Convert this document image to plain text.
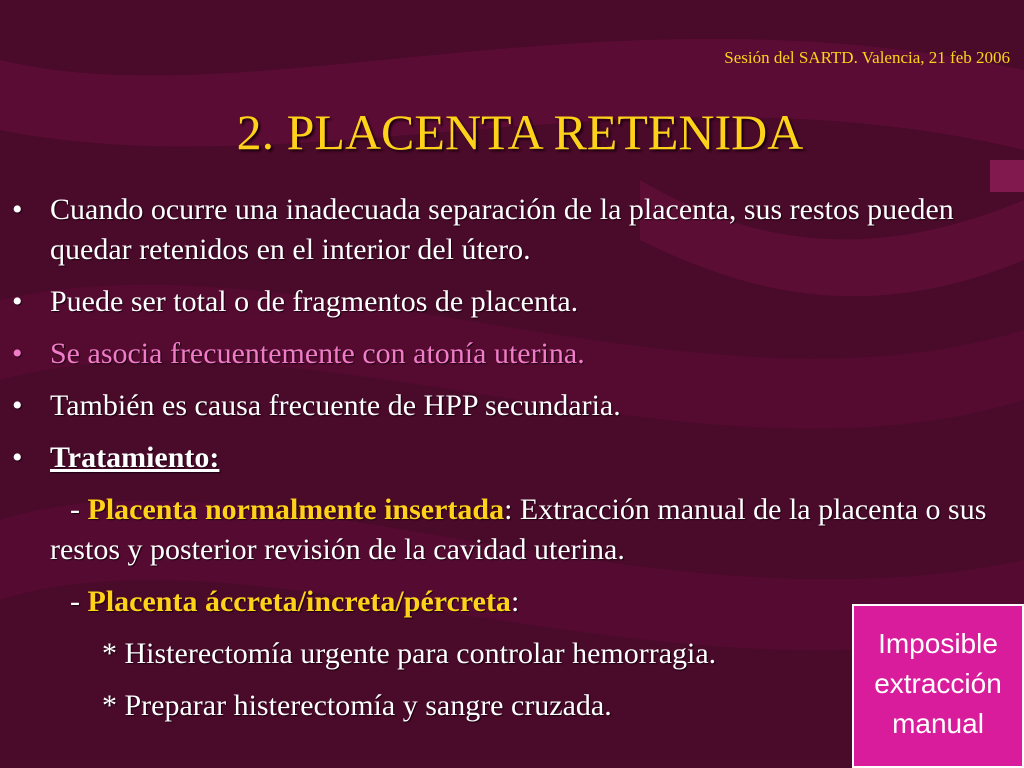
Sesión del SARTD. Valencia, 21 feb 2006
2. PLACENTA RETENIDA
• Cuando ocurre una inadecuada separación de la placenta, sus restos pueden quedar retenidos en el interior del útero.
• Puede ser total o de fragmentos de placenta.
• Se asocia frecuentemente con atonía uterina.
• También es causa frecuente de HPP secundaria.
• Tratamiento:
- Placenta normalmente insertada: Extracción manual de la placenta o sus restos y posterior revisión de la cavidad uterina.
- Placenta áccreta/increta/pércreta:
* Histerectomía urgente para controlar hemorragia.
* Preparar histerectomía y sangre cruzada.
Imposible
extracción
manual
